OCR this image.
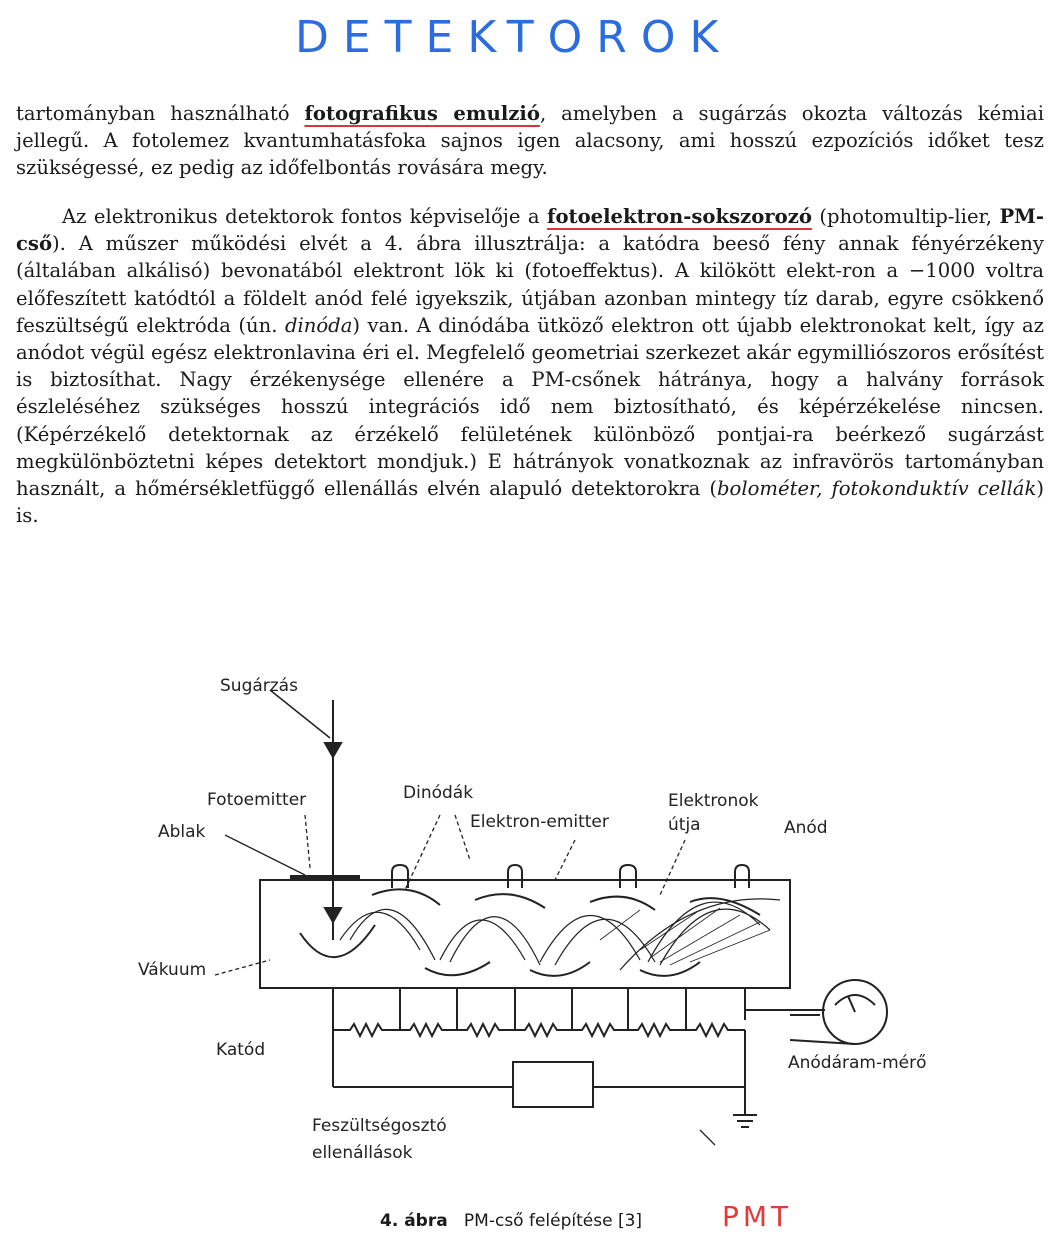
DETEKTOROK

tartományban használható fotografikus emulzió, amelyben a sugárzás okozta változás kémiai jellegű. A fotolemez kvantumhatásfoka sajnos igen alacsony, ami hosszú ezpozíciós időket tesz szükségessé, ez pedig az időfelbontás rovására megy.

Az elektronikus detektorok fontos képviselője a fotoelektron-sokszorozó (photomultip-lier, PM-cső). A műszer működési elvét a 4. ábra illusztrálja: a katódra beeső fény annak fényérzékeny (általában alkálisó) bevonatából elektront lök ki (fotoeffektus). A kilökött elekt-ron a −1000 voltra előfeszített katódtól a földelt anód felé igyekszik, útjában azonban mintegy tíz darab, egyre csökkenő feszültségű elektróda (ún. dinóda) van. A dinódába ütköző elektron ott újabb elektronokat kelt, így az anódot végül egész elektronlavina éri el. Megfelelő geometriai szerkezet akár egymilliószoros erősítést is biztosíthat. Nagy érzékenysége ellenére a PM-csőnek hátránya, hogy a halvány források észleléséhez szükséges hosszú integrációs idő nem biztosítható, és képérzékelése nincsen. (Képérzékelő detektornak az érzékelő felületének különböző pontjai-ra beérkező sugárzást megkülönböztetni képes detektort mondjuk.) E hátrányok vonatkoznak az infravörös tartományban használt, a hőmérsékletfüggő ellenállás elvén alapuló detektorokra (bolométer, fotokonduktív cellák) is.

Sugárzás
Fotoemitter
Ablak
Dinódák
Elektron-emitter
Elektronok
útja	Anód
Vákuum
Katód
Anódáram-mérő
Feszültségosztó
ellenállások
4. ábra PM-cső felépítése [3]	PMT
